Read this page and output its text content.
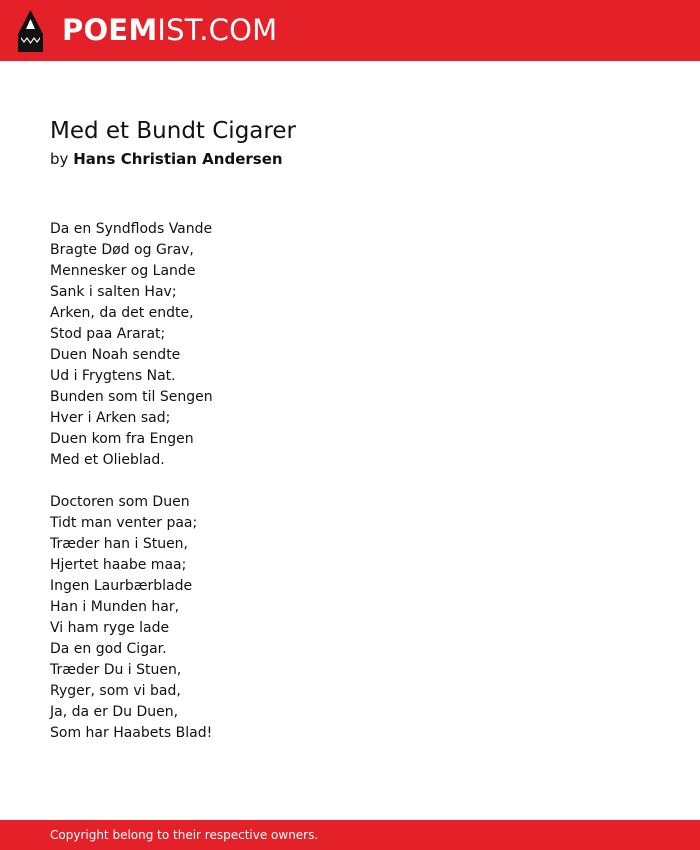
POEMIST.COM
Med et Bundt Cigarer
by Hans Christian Andersen
Da en Syndflods Vande
Bragte Død og Grav,
Mennesker og Lande
Sank i salten Hav;
Arken, da det endte,
Stod paa Ararat;
Duen Noah sendte
Ud i Frygtens Nat.
Bunden som til Sengen
Hver i Arken sad;
Duen kom fra Engen
Med et Olieblad.
Doctoren som Duen
Tidt man venter paa;
Træder han i Stuen,
Hjertet haabe maa;
Ingen Laurbærblade
Han i Munden har,
Vi ham ryge lade
Da en god Cigar.
Træder Du i Stuen,
Ryger, som vi bad,
Ja, da er Du Duen,
Som har Haabets Blad!
Copyright belong to their respective owners.
